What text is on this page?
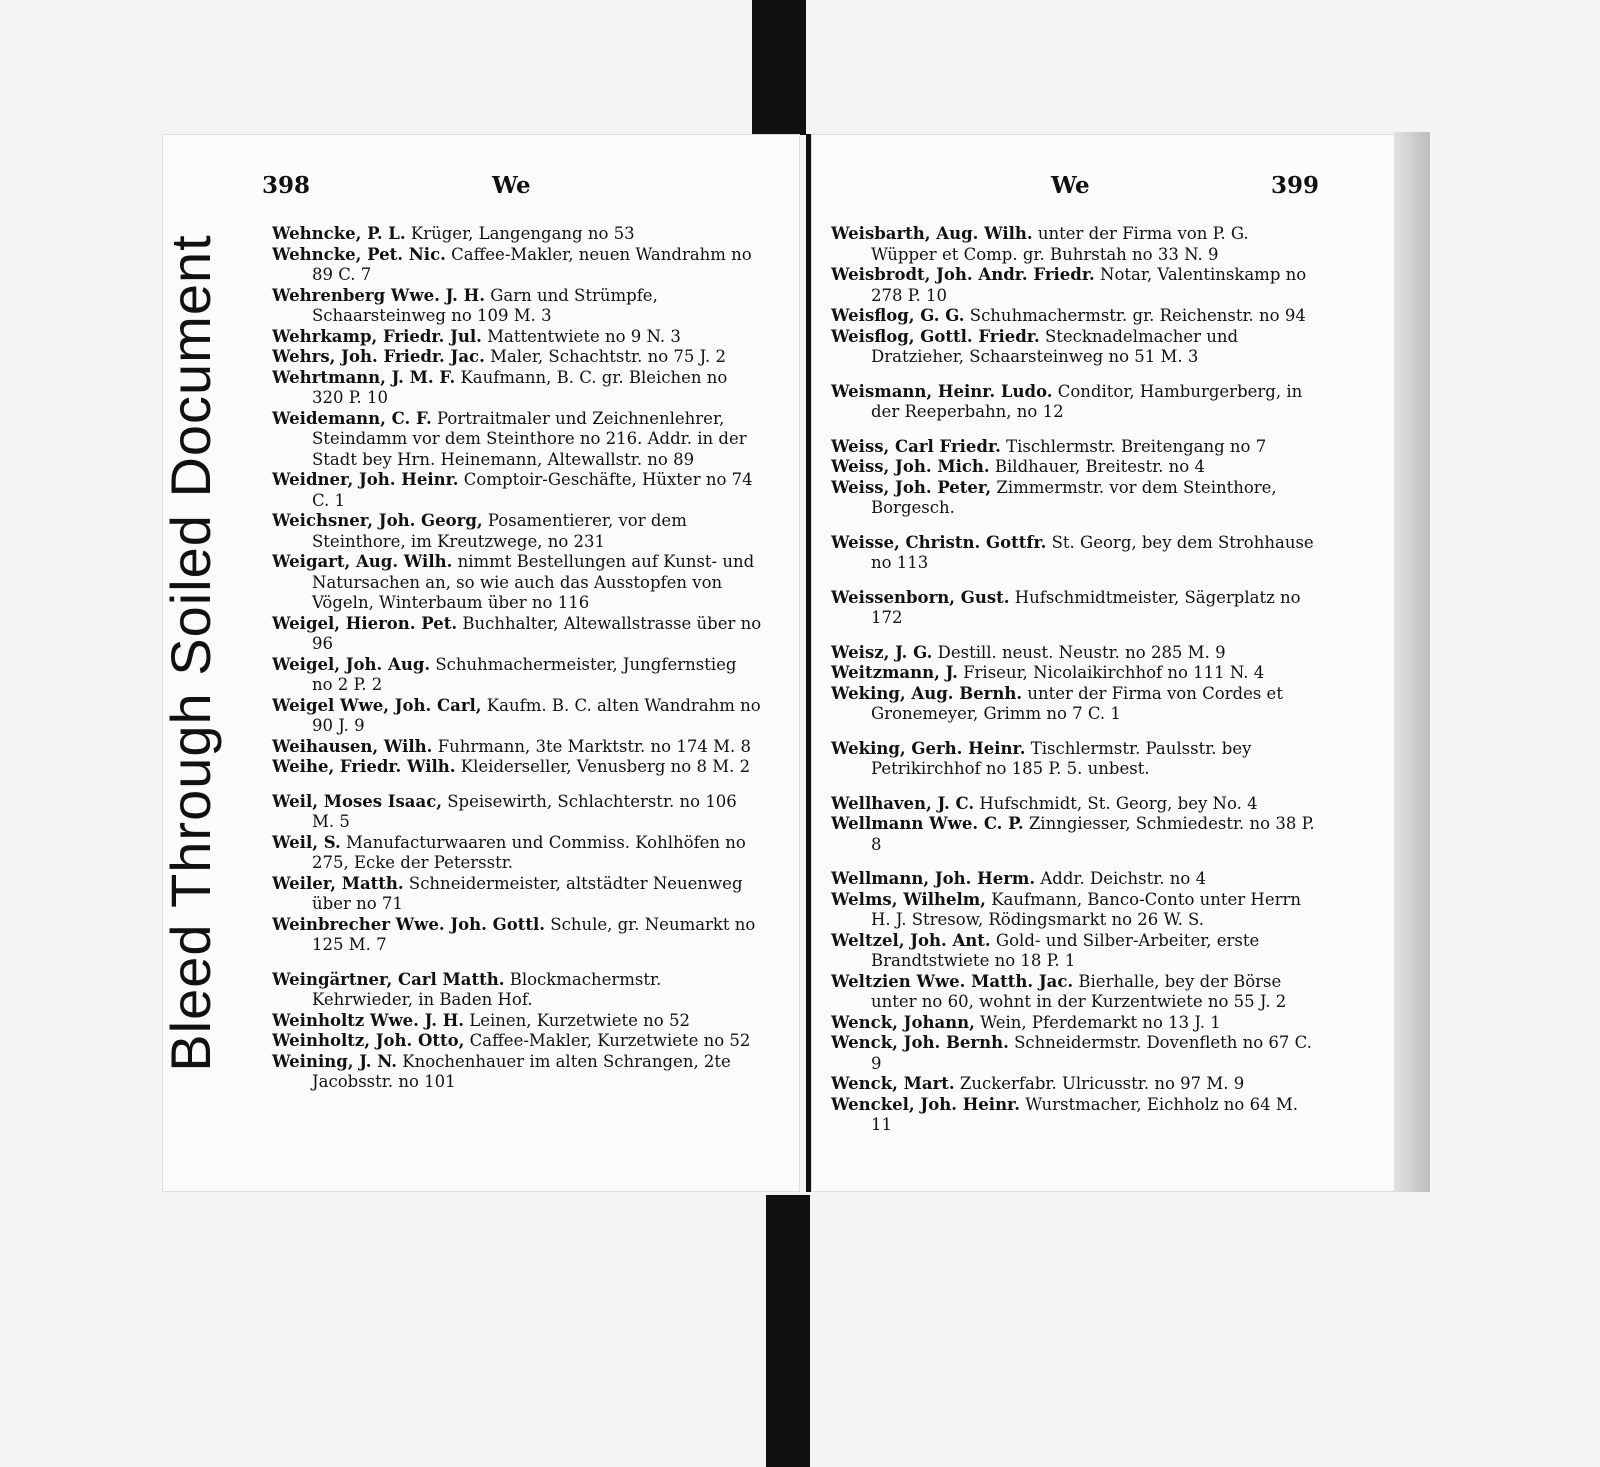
398	We

Wehncke, P. L. Krüger, Langengang no 53

Wehncke, Pet. Nic. Caffee-Makler, neuen Wandrahm no 89 C. 7

Wehrenberg Wwe. J. H. Garn und Strümpfe, Schaarsteinweg no 109 M. 3

Wehrkamp, Friedr. Jul. Mattentwiete no 9 N. 3

Wehrs, Joh. Friedr. Jac. Maler, Schachtstr. no 75 J. 2

Wehrtmann, J. M. F. Kaufmann, B. C. gr. Bleichen no 320 P. 10

Weidemann, C. F. Portraitmaler und Zeichnenlehrer, Steindamm vor dem Steinthore no 216. Addr. in der Stadt bey Hrn. Heinemann, Altewallstr. no 89

Weidner, Joh. Heinr. Comptoir-Geschäfte, Hüxter no 74 C. 1

Weichsner, Joh. Georg, Posamentierer, vor dem Steinthore, im Kreutzwege, no 231

Weigart, Aug. Wilh. nimmt Bestellungen auf Kunst- und Natursachen an, so wie auch das Ausstopfen von Vögeln, Winterbaum über no 116

Weigel, Hieron. Pet. Buchhalter, Altewallstrasse über no 96

Weigel, Joh. Aug. Schuhmachermeister, Jungfernstieg no 2 P. 2

Weigel Wwe, Joh. Carl, Kaufm. B. C. alten Wandrahm no 90 J. 9

Weihausen, Wilh. Fuhrmann, 3te Marktstr. no 174 M. 8

Weihe, Friedr. Wilh. Kleiderseller, Venusberg no 8 M. 2

Weil, Moses Isaac, Speisewirth, Schlachterstr. no 106 M. 5

Weil, S. Manufacturwaaren und Commiss. Kohlhöfen no 275, Ecke der Petersstr.

Weiler, Matth. Schneidermeister, altstädter Neuenweg über no 71

Weinbrecher Wwe. Joh. Gottl. Schule, gr. Neumarkt no 125 M. 7

Weingärtner, Carl Matth. Blockmachermstr. Kehrwieder, in Baden Hof.

Weinholtz Wwe. J. H. Leinen, Kurzetwiete no 52

Weinholtz, Joh. Otto, Caffee-Makler, Kurzetwiete no 52

Weining, J. N. Knochenhauer im alten Schrangen, 2te Jacobsstr. no 101

We	399

Weisbarth, Aug. Wilh. unter der Firma von P. G. Wüpper et Comp. gr. Buhrstah no 33 N. 9

Weisbrodt, Joh. Andr. Friedr. Notar, Valentinskamp no 278 P. 10

Weisflog, G. G. Schuhmachermstr. gr. Reichenstr. no 94

Weisflog, Gottl. Friedr. Stecknadelmacher und Dratzieher, Schaarsteinweg no 51 M. 3

Weismann, Heinr. Ludo. Conditor, Hamburgerberg, in der Reeperbahn, no 12

Weiss, Carl Friedr. Tischlermstr. Breitengang no 7

Weiss, Joh. Mich. Bildhauer, Breitestr. no 4

Weiss, Joh. Peter, Zimmermstr. vor dem Steinthore, Borgesch.

Weisse, Christn. Gottfr. St. Georg, bey dem Strohhause no 113

Weissenborn, Gust. Hufschmidtmeister, Sägerplatz no 172

Weisz, J. G. Destill. neust. Neustr. no 285 M. 9

Weitzmann, J. Friseur, Nicolaikirchhof no 111 N. 4

Weking, Aug. Bernh. unter der Firma von Cordes et Gronemeyer, Grimm no 7 C. 1

Weking, Gerh. Heinr. Tischlermstr. Paulsstr. bey Petrikirchhof no 185 P. 5. unbest.

Wellhaven, J. C. Hufschmidt, St. Georg, bey No. 4

Wellmann Wwe. C. P. Zinngiesser, Schmiedestr. no 38 P. 8

Wellmann, Joh. Herm. Addr. Deichstr. no 4

Welms, Wilhelm, Kaufmann, Banco-Conto unter Herrn H. J. Stresow, Rödingsmarkt no 26 W. S.

Weltzel, Joh. Ant. Gold- und Silber-Arbeiter, erste Brandtstwiete no 18 P. 1

Weltzien Wwe. Matth. Jac. Bierhalle, bey der Börse unter no 60, wohnt in der Kurzentwiete no 55 J. 2

Wenck, Johann, Wein, Pferdemarkt no 13 J. 1

Wenck, Joh. Bernh. Schneidermstr. Dovenfleth no 67 C. 9

Wenck, Mart. Zuckerfabr. Ulricusstr. no 97 M. 9

Wenckel, Joh. Heinr. Wurstmacher, Eichholz no 64 M. 11

Bleed Through Soiled Document
